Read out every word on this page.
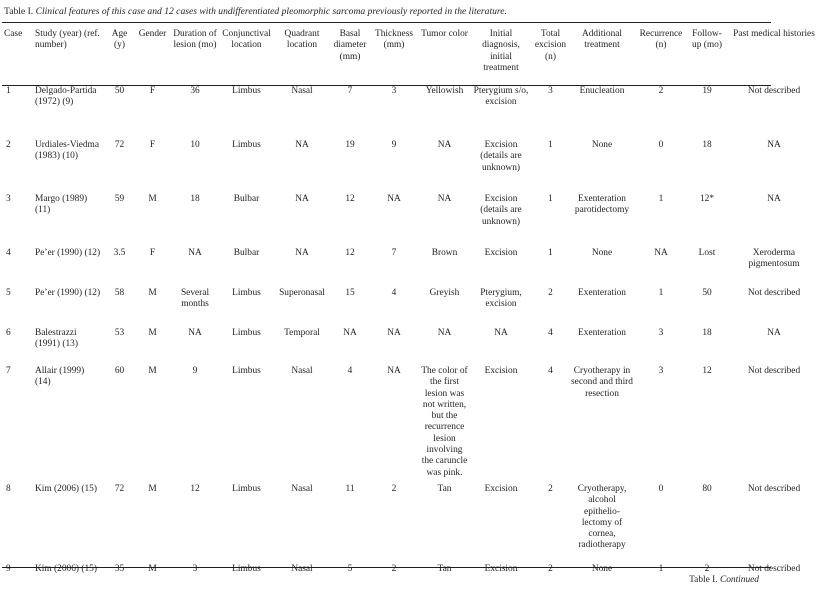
Table I. Clinical features of this case and 12 cases with undifferentiated pleomorphic sarcoma previously reported in the literature.
Case	Study (year) (ref. number)	Age (y)	Gender	Duration of lesion (mo)	Conjunctival location	Quadrant location	Basal diameter (mm)	Thickness (mm)	Tumor color	Initial diagnosis, initial treatment	Total excision (n)	Additional treatment	Recurrence (n)	Follow-up (mo)	Past medical histories
1	Delgado-Partida (1972) (9)	50	F	36	Limbus	Nasal	7	3	Yellowish	Pterygium s/o, excision	3	Enucleation	2	19	Not described
2	Urdiales-Viedma (1983) (10)	72	F	10	Limbus	NA	19	9	NA	Excision (details are unknown)	1	None	0	18	NA
3	Margo (1989) (11)	59	M	18	Bulbar	NA	12	NA	NA	Excision (details are unknown)	1	Exenteration parotidectomy	1	12*	NA
4	Pe’er (1990) (12)	3.5	F	NA	Bulbar	NA	12	7	Brown	Excision	1	None	NA	Lost	Xeroderma pigmentosum
5	Pe’er (1990) (12)	58	M	Several months	Limbus	Superonasal	15	4	Greyish	Pterygium, excision	2	Exenteration	1	50	Not described
6	Balestrazzi (1991) (13)	53	M	NA	Limbus	Temporal	NA	NA	NA	NA	4	Exenteration	3	18	NA
7	Allair (1999) (14)	60	M	9	Limbus	Nasal	4	NA	The color of the first lesion was not written, but the recurrence lesion involving the caruncle was pink.	Excision	4	Cryotherapy in second and third resection	3	12	Not described
8	Kim (2006) (15)	72	M	12	Limbus	Nasal	11	2	Tan	Excision	2	Cryotherapy, alcohol epithelio- lectomy of cornea, radiotherapy	0	80	Not described
9	Kim (2006) (15)	35	M	3	Limbus	Nasal	5	2	Tan	Excision	2	None	1	2	Not described
Table I. Continued
